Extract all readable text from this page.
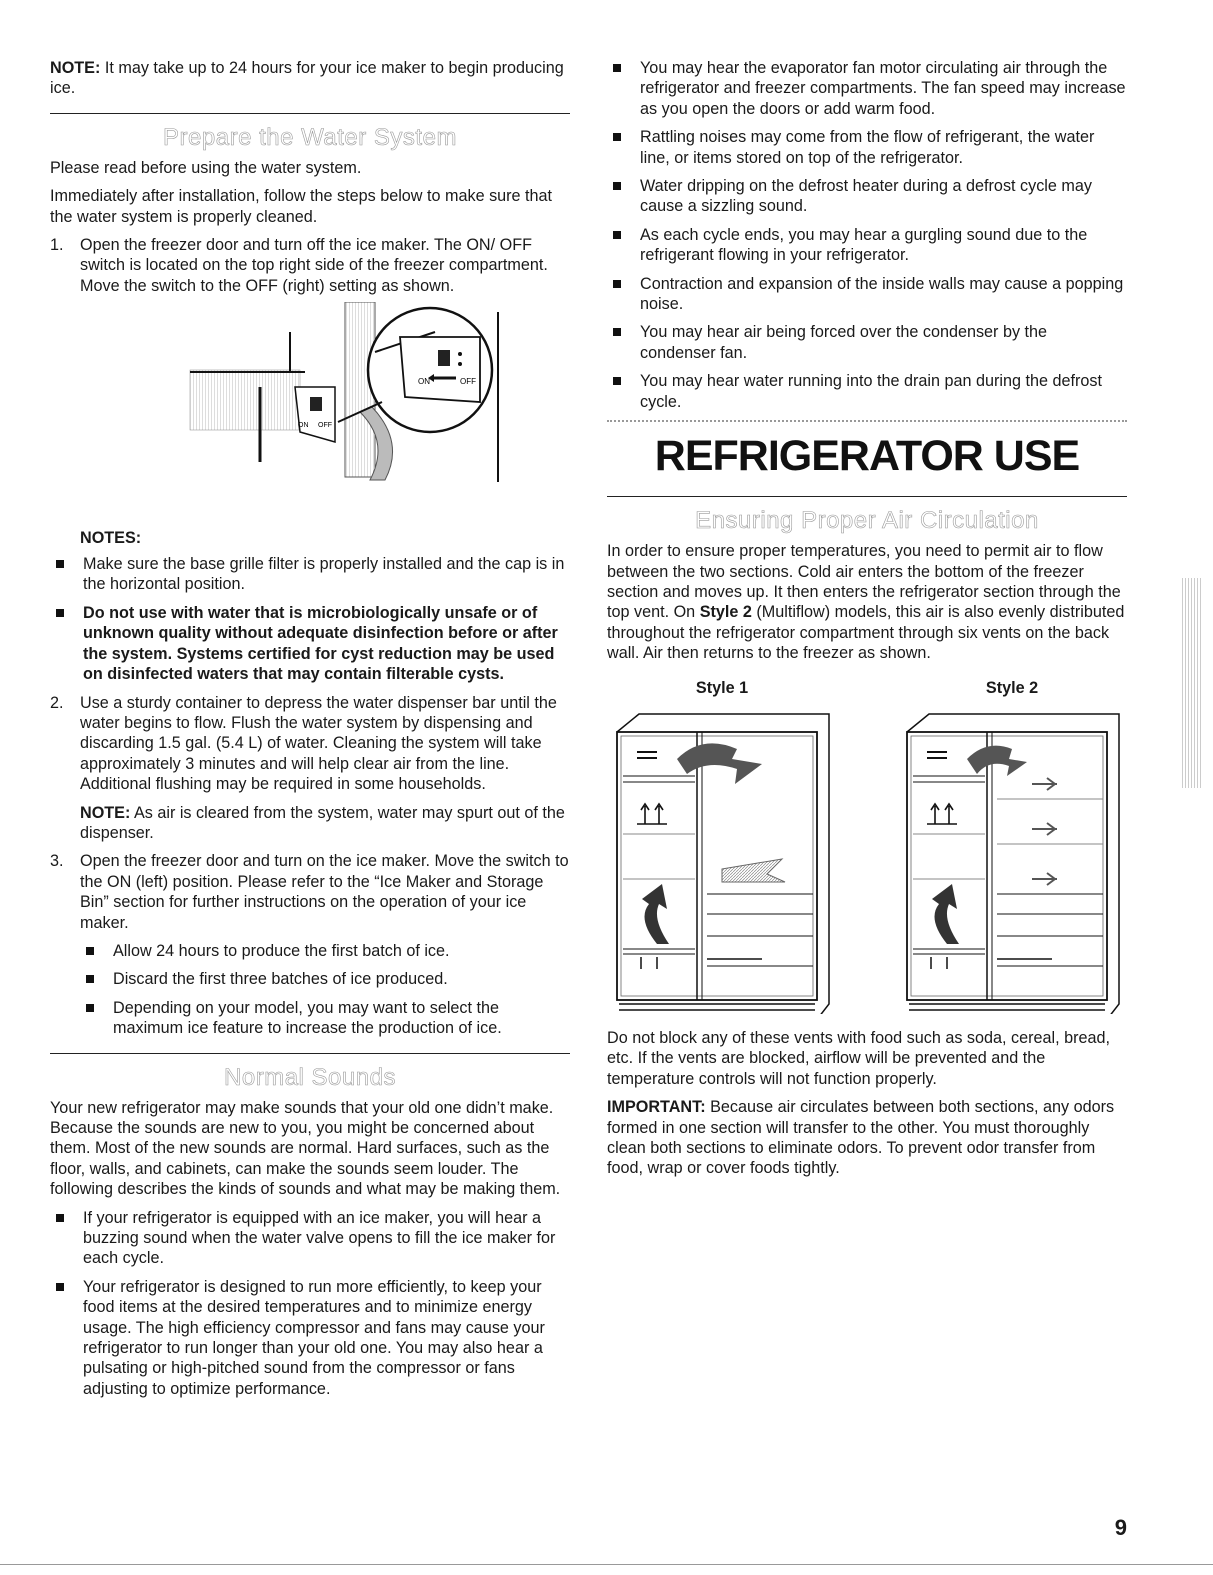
NOTE: It may take up to 24 hours for your ice maker to begin producing ice.

Prepare the Water System

Please read before using the water system.

Immediately after installation, follow the steps below to make sure that the water system is properly cleaned.

1. Open the freezer door and turn off the ice maker. The ON/ OFF switch is located on the top right side of the freezer compartment. Move the switch to the OFF (right) setting as shown.
ON OFF
ON	OFF
NOTES:
Make sure the base grille filter is properly installed and the cap is in the horizontal position.
Do not use with water that is microbiologically unsafe or of unknown quality without adequate disinfection before or after the system. Systems certified for cyst reduction may be used on disinfected waters that may contain filterable cysts.
2. Use a sturdy container to depress the water dispenser bar until the water begins to flow. Flush the water system by dispensing and discarding 1.5 gal. (5.4 L) of water. Cleaning the system will take approximately 3 minutes and will help clear air from the line. Additional flushing may be required in some households.

NOTE: As air is cleared from the system, water may spurt out of the dispenser.

3. Open the freezer door and turn on the ice maker. Move the switch to the ON (left) position. Please refer to the “Ice Maker and Storage Bin” section for further instructions on the operation of your ice maker.

Allow 24 hours to produce the first batch of ice.
Discard the first three batches of ice produced.
Depending on your model, you may want to select the maximum ice feature to increase the production of ice.
Normal Sounds

Your new refrigerator may make sounds that your old one didn’t make. Because the sounds are new to you, you might be concerned about them. Most of the new sounds are normal. Hard surfaces, such as the floor, walls, and cabinets, can make the sounds seem louder. The following describes the kinds of sounds and what may be making them.

If your refrigerator is equipped with an ice maker, you will hear a buzzing sound when the water valve opens to fill the ice maker for each cycle.
Your refrigerator is designed to run more efficiently, to keep your food items at the desired temperatures and to minimize energy usage. The high efficiency compressor and fans may cause your refrigerator to run longer than your old one. You may also hear a pulsating or high-pitched sound from the compressor or fans adjusting to optimize performance.
You may hear the evaporator fan motor circulating air through the refrigerator and freezer compartments. The fan speed may increase as you open the doors or add warm food.
Rattling noises may come from the flow of refrigerant, the water line, or items stored on top of the refrigerator.
Water dripping on the defrost heater during a defrost cycle may cause a sizzling sound.
As each cycle ends, you may hear a gurgling sound due to the refrigerant flowing in your refrigerator.
Contraction and expansion of the inside walls may cause a popping noise.
You may hear air being forced over the condenser by the condenser fan.
You may hear water running into the drain pan during the defrost cycle.
REFRIGERATOR USE
Ensuring Proper Air Circulation

In order to ensure proper temperatures, you need to permit air to flow between the two sections. Cold air enters the bottom of the freezer section and moves up. It then enters the refrigerator section through the top vent. On Style 2 (Multiflow) models, this air is also evenly distributed throughout the refrigerator compartment through six vents on the back wall. Air then returns to the freezer as shown.

Style 1	Style 2

Do not block any of these vents with food such as soda, cereal, bread, etc. If the vents are blocked, airflow will be prevented and the temperature controls will not function properly.

IMPORTANT: Because air circulates between both sections, any odors formed in one section will transfer to the other. You must thoroughly clean both sections to eliminate odors. To prevent odor transfer from food, wrap or cover foods tightly.

9
